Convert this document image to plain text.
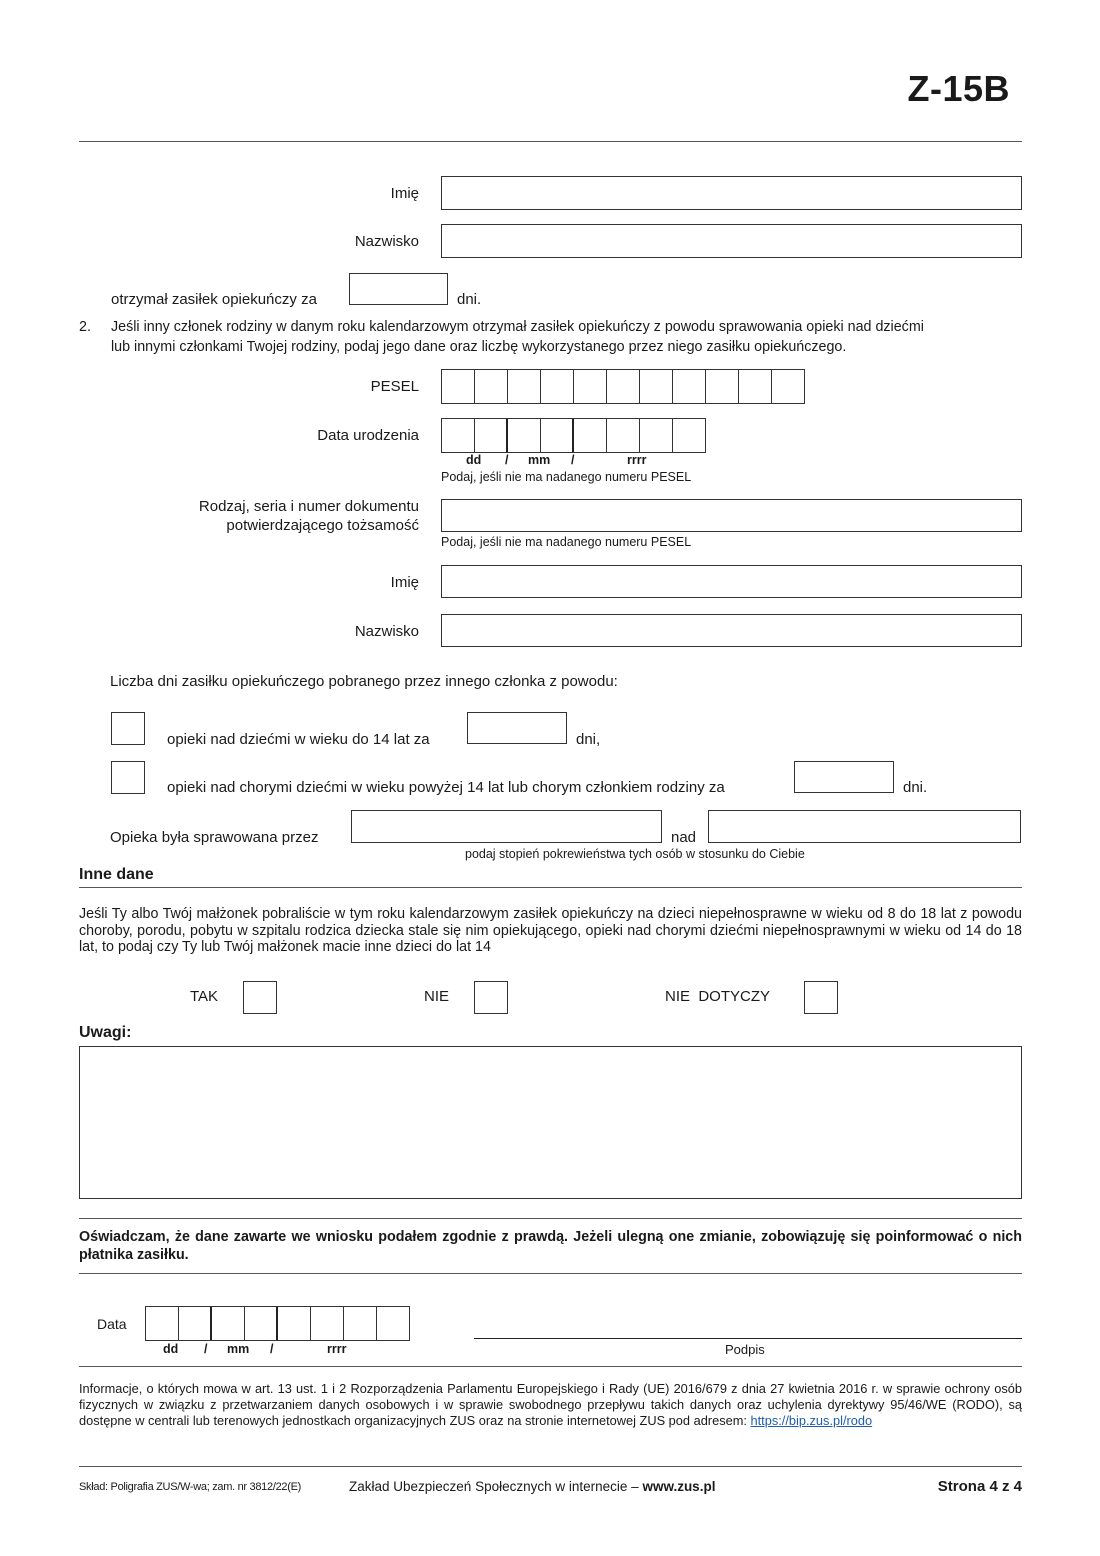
Z-15B
Imię
Nazwisko
otrzymał zasiłek opiekuńczy za	dni.
2. Jeśli inny członek rodziny w danym roku kalendarzowym otrzymał zasiłek opiekuńczy z powodu sprawowania opieki nad dziećmi
lub innymi członkami Twojej rodziny, podaj jego dane oraz liczbę wykorzystanego przez niego zasiłku opiekuńczego.
PESEL
Data urodzenia
dd / mm /	rrrr
Podaj, jeśli nie ma nadanego numeru PESEL
Rodzaj, seria i numer dokumentu
potwierdzającego tożsamość
Podaj, jeśli nie ma nadanego numeru PESEL
Imię
Nazwisko
Liczba dni zasiłku opiekuńczego pobranego przez innego członka z powodu:
opieki nad dziećmi w wieku do 14 lat za	dni,
opieki nad chorymi dziećmi w wieku powyżej 14 lat lub chorym członkiem rodziny za	dni.
Opieka była sprawowana przez	nad
podaj stopień pokrewieństwa tych osób w stosunku do Ciebie
Inne dane
Jeśli Ty albo Twój małżonek pobraliście w tym roku kalendarzowym zasiłek opiekuńczy na dzieci niepełnosprawne w wieku od 8 do 18 lat z powodu choroby, porodu, pobytu w szpitalu rodzica dziecka stale się nim opiekującego, opieki nad chorymi dziećmi niepełnosprawnymi w wieku od 14 do 18 lat, to podaj czy Ty lub Twój małżonek macie inne dzieci do lat 14
TAK	NIE	NIE  DOTYCZY
Uwagi:
Oświadczam, że dane zawarte we wniosku podałem zgodnie z prawdą. Jeżeli ulegną one zmianie, zobowiązuję się poinformować o nich płatnika zasiłku.
Data
dd / mm /	rrrr	Podpis
Informacje, o których mowa w art. 13 ust. 1 i 2 Rozporządzenia Parlamentu Europejskiego i Rady (UE) 2016/679 z dnia 27 kwietnia 2016 r. w sprawie ochrony osób fizycznych w związku z przetwarzaniem danych osobowych i w sprawie swobodnego przepływu takich danych oraz uchylenia dyrektywy 95/46/WE (RODO), są dostępne w centrali lub terenowych jednostkach organizacyjnych ZUS oraz na stronie internetowej ZUS pod adresem: https://bip.zus.pl/rodo
Skład: Poligrafia ZUS/W-wa; zam. nr 3812/22(E)	Zakład Ubezpieczeń Społecznych w internecie – www.zus.pl	Strona 4 z 4
